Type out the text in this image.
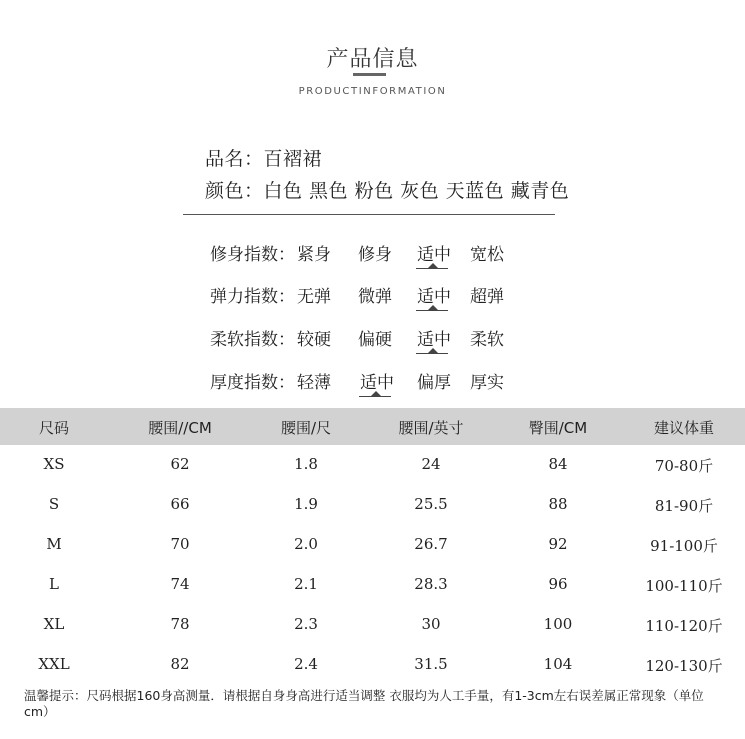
产品信息
PRODUCTINFORMATION
品名：百褶裙
颜色：白色 黑色 粉色 灰色 天蓝色 藏青色
修身指数： 紧身 修身 适中 宽松
弹力指数： 无弹 微弹 适中 超弹
柔软指数： 较硬 偏硬 适中 柔软
厚度指数： 轻薄 适中 偏厚 厚实
尺码	腰围//CM	腰围/尺	腰围/英寸	臀围/CM	建议体重
XS	62	1.8	24	84	70-80斤
S	66	1.9	25.5	88	81-90斤
M	70	2.0	26.7	92	91-100斤
L	74	2.1	28.3	96	100-110斤
XL	78	2.3	30	100	110-120斤
XXL	82	2.4	31.5	104	120-130斤
温馨提示：尺码根据160身高测量．请根据自身身高进行适当调整 衣服均为人工手量，有1-3cm左右误差属正常现象（单位cm）
